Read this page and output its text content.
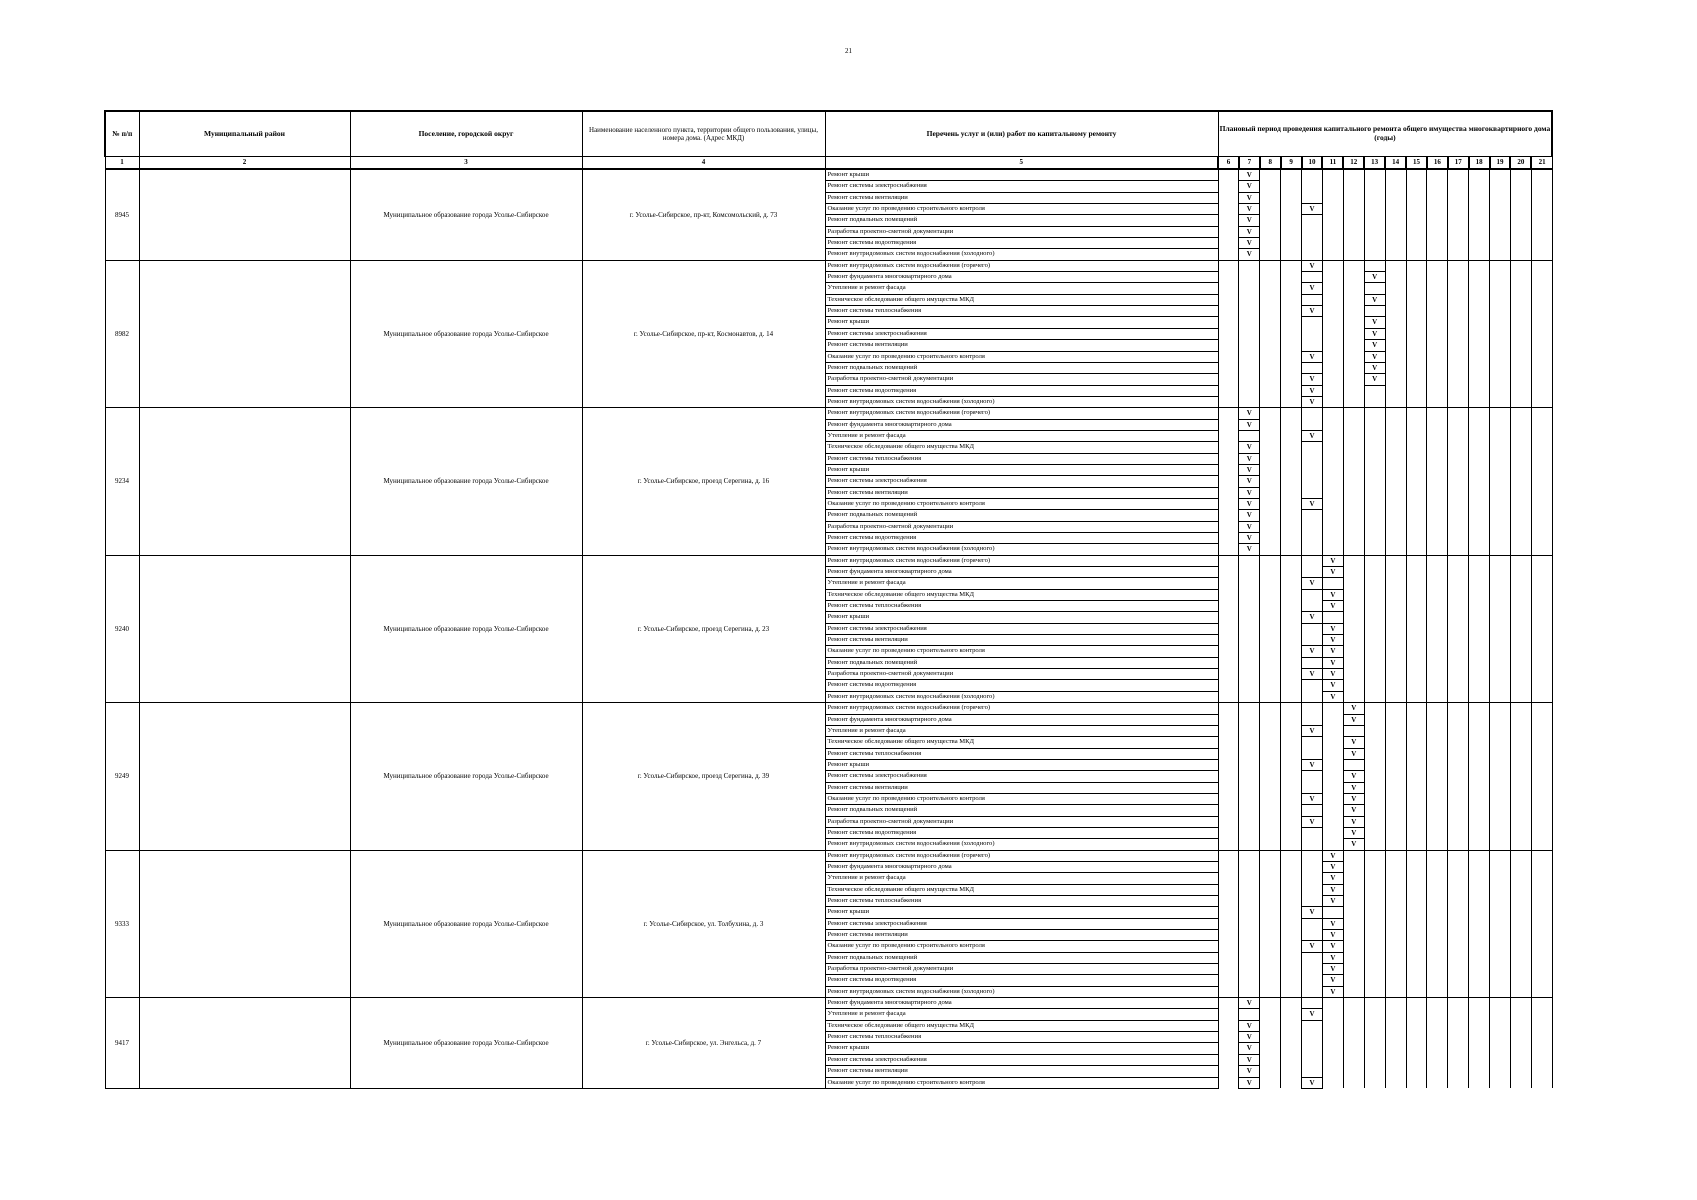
21
№ п/п	Муниципальный район	Поселение, городской округ	Наименование населенного пункта, территории общего пользования, улицы, номера дома. (Адрес МКД)	Перечень услуг и (или) работ по капитальному ремонту	Плановый период проведения капитального ремонта общего имущества многоквартирного дома (годы)															
1	2	3	4	5	6	7	8	9	10	11	12	13	14	15	16	17	18	19	20	21
8945		Муниципальное образование города Усолье-Сибирское	г. Усолье-Сибирское, пр-кт, Комсомольский, д. 73	Ремонт крыши		V														
				Ремонт системы электроснабжения		V														
				Ремонт системы вентиляции		V														
				Оказание услуг по проведению строительного контроля		V			V											
				Ремонт подвальных помещений		V														
				Разработка проектно-сметной документации		V														
				Ремонт системы водоотведения		V														
				Ремонт внутридомовых систем водоснабжения (холодного)		V														
8982		Муниципальное образование города Усолье-Сибирское	г. Усолье-Сибирское, пр-кт, Космонавтов, д. 14	Ремонт внутридомовых систем водоснабжения (горячего)					V											
				Ремонт фундамента многоквартирного дома								V								
				Утепление и ремонт фасада					V											
				Техническое обследование общего имущества МКД								V								
				Ремонт системы теплоснабжения					V											
				Ремонт крыши								V								
				Ремонт системы электроснабжения								V								
				Ремонт системы вентиляции								V								
				Оказание услуг по проведению строительного контроля					V			V								
				Ремонт подвальных помещений								V								
				Разработка проектно-сметной документации					V			V								
				Ремонт системы водоотведения					V											
				Ремонт внутридомовых систем водоснабжения (холодного)					V											
9234		Муниципальное образование города Усолье-Сибирское	г. Усолье-Сибирское, проезд Серегина, д. 16	Ремонт внутридомовых систем водоснабжения (горячего)		V														
				Ремонт фундамента многоквартирного дома		V														
				Утепление и ремонт фасада					V											
				Техническое обследование общего имущества МКД		V														
				Ремонт системы теплоснабжения		V														
				Ремонт крыши		V														
				Ремонт системы электроснабжения		V														
				Ремонт системы вентиляции		V														
				Оказание услуг по проведению строительного контроля		V			V											
				Ремонт подвальных помещений		V														
				Разработка проектно-сметной документации		V														
				Ремонт системы водоотведения		V														
				Ремонт внутридомовых систем водоснабжения (холодного)		V														
9240		Муниципальное образование города Усолье-Сибирское	г. Усолье-Сибирское, проезд Серегина, д. 23	Ремонт внутридомовых систем водоснабжения (горячего)						V										
				Ремонт фундамента многоквартирного дома						V										
				Утепление и ремонт фасада					V											
				Техническое обследование общего имущества МКД						V										
				Ремонт системы теплоснабжения						V										
				Ремонт крыши					V											
				Ремонт системы электроснабжения						V										
				Ремонт системы вентиляции						V										
				Оказание услуг по проведению строительного контроля					V	V										
				Ремонт подвальных помещений						V										
				Разработка проектно-сметной документации					V	V										
				Ремонт системы водоотведения						V										
				Ремонт внутридомовых систем водоснабжения (холодного)						V										
9249		Муниципальное образование города Усолье-Сибирское	г. Усолье-Сибирское, проезд Серегина, д. 39	Ремонт внутридомовых систем водоснабжения (горячего)							V									
				Ремонт фундамента многоквартирного дома							V									
				Утепление и ремонт фасада					V											
				Техническое обследование общего имущества МКД							V									
				Ремонт системы теплоснабжения							V									
				Ремонт крыши					V											
				Ремонт системы электроснабжения							V									
				Ремонт системы вентиляции							V									
				Оказание услуг по проведению строительного контроля					V		V									
				Ремонт подвальных помещений							V									
				Разработка проектно-сметной документации					V		V									
				Ремонт системы водоотведения							V									
				Ремонт внутридомовых систем водоснабжения (холодного)							V									
9333		Муниципальное образование города Усолье-Сибирское	г. Усолье-Сибирское, ул. Толбухина, д. 3	Ремонт внутридомовых систем водоснабжения (горячего)						V										
				Ремонт фундамента многоквартирного дома						V										
				Утепление и ремонт фасада						V										
				Техническое обследование общего имущества МКД						V										
				Ремонт системы теплоснабжения						V										
				Ремонт крыши					V											
				Ремонт системы электроснабжения						V										
				Ремонт системы вентиляции						V										
				Оказание услуг по проведению строительного контроля					V	V										
				Ремонт подвальных помещений						V										
				Разработка проектно-сметной документации						V										
				Ремонт системы водоотведения						V										
				Ремонт внутридомовых систем водоснабжения (холодного)						V										
9417		Муниципальное образование города Усолье-Сибирское	г. Усолье-Сибирское, ул. Энгельса, д. 7	Ремонт фундамента многоквартирного дома		V														
				Утепление и ремонт фасада					V											
				Техническое обследование общего имущества МКД		V														
				Ремонт системы теплоснабжения		V														
				Ремонт крыши		V														
				Ремонт системы электроснабжения		V														
				Ремонт системы вентиляции		V														
				Оказание услуг по проведению строительного контроля		V			V											
